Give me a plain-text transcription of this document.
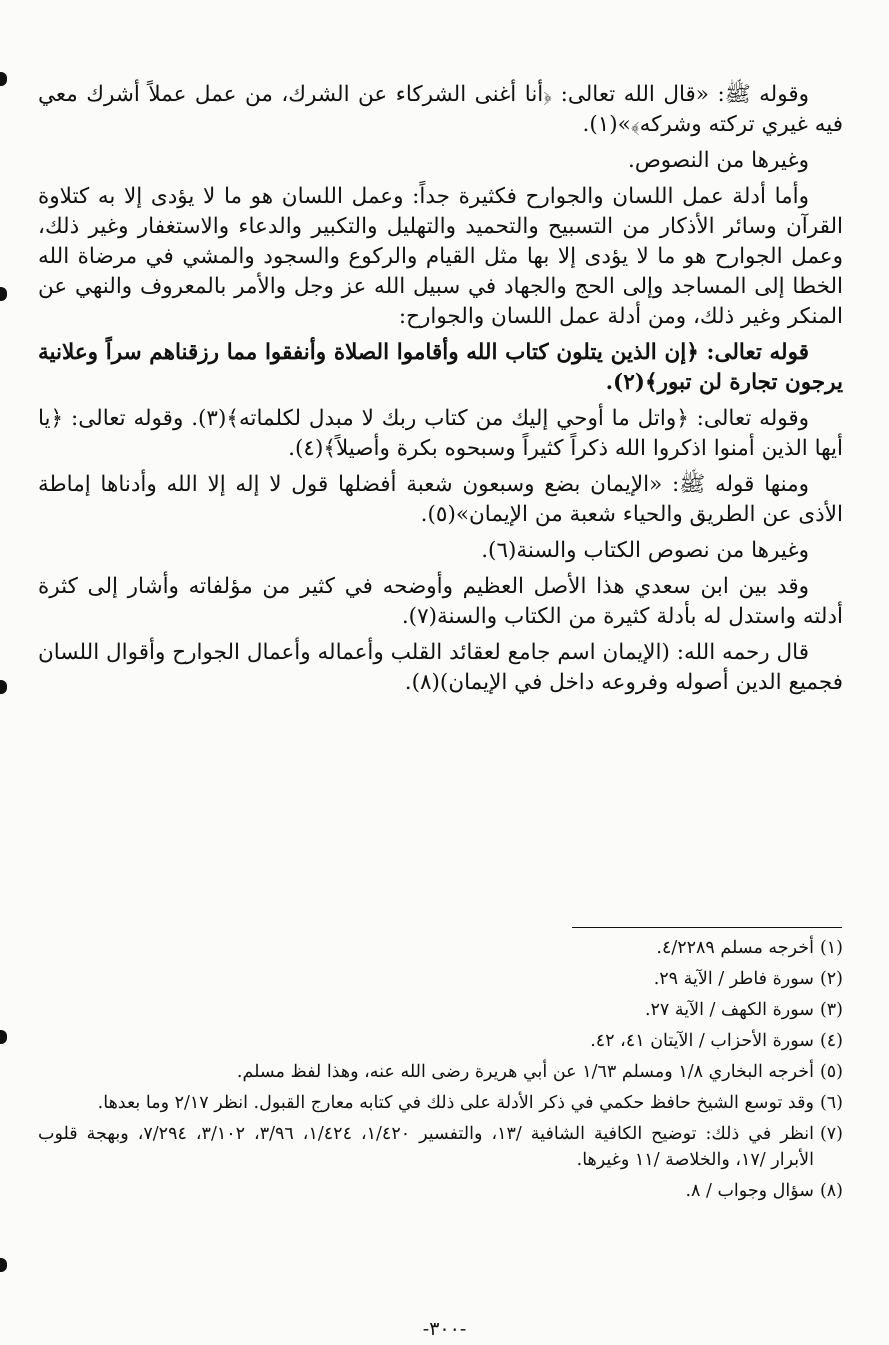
وقوله ﷺ: «قال الله تعالى: ﴿أنا أغنى الشركاء عن الشرك، من عمل عملاً أشرك معي فيه غيري تركته وشركه﴾»(١).

وغيرها من النصوص.

وأما أدلة عمل اللسان والجوارح فكثيرة جداً: وعمل اللسان هو ما لا يؤدى إلا به كتلاوة القرآن وسائر الأذكار من التسبيح والتحميد والتهليل والتكبير والدعاء والاستغفار وغير ذلك، وعمل الجوارح هو ما لا يؤدى إلا بها مثل القيام والركوع والسجود والمشي في مرضاة الله الخطا إلى المساجد وإلى الحج والجهاد في سبيل الله عز وجل والأمر بالمعروف والنهي عن المنكر وغير ذلك، ومن أدلة عمل اللسان والجوارح:

قوله تعالى: ﴿إن الذين يتلون كتاب الله وأقاموا الصلاة وأنفقوا مما رزقناهم سراً وعلانية يرجون تجارة لن تبور﴾(٢).

وقوله تعالى: ﴿واتل ما أوحي إليك من كتاب ربك لا مبدل لكلماته﴾(٣). وقوله تعالى: ﴿يا أيها الذين أمنوا اذكروا الله ذكراً كثيراً وسبحوه بكرة وأصيلاً﴾(٤).

ومنها قوله ﷺ: «الإيمان بضع وسبعون شعبة أفضلها قول لا إله إلا الله وأدناها إماطة الأذى عن الطريق والحياء شعبة من الإيمان»(٥).

وغيرها من نصوص الكتاب والسنة(٦).

وقد بين ابن سعدي هذا الأصل العظيم وأوضحه في كثير من مؤلفاته وأشار إلى كثرة أدلته واستدل له بأدلة كثيرة من الكتاب والسنة(٧).

قال رحمه الله: (الإيمان اسم جامع لعقائد القلب وأعماله وأعمال الجوارح وأقوال اللسان فجميع الدين أصوله وفروعه داخل في الإيمان)(٨).

(١)
أخرجه مسلم ٤/٢٢٨٩.
(٢)
سورة فاطر / الآية ٢٩.
(٣)
سورة الكهف / الآية ٢٧.
(٤)
سورة الأحزاب / الآيتان ٤١، ٤٢.
(٥)
أخرجه البخاري ١/٨ ومسلم ١/٦٣ عن أبي هريرة رضى الله عنه، وهذا لفظ مسلم.
(٦)
وقد توسع الشيخ حافظ حكمي في ذكر الأدلة على ذلك في كتابه معارج القبول. انظر ٢/١٧ وما بعدها.
(٧)
انظر في ذلك: توضيح الكافية الشافية /١٣، والتفسير ١/٤٢٠، ١/٤٢٤، ٣/٩٦، ٣/١٠٢، ٧/٢٩٤، وبهجة قلوب الأبرار /١٧، والخلاصة /١١ وغيرها.
(٨)
سؤال وجواب / ٨.
-٣٠٠-
